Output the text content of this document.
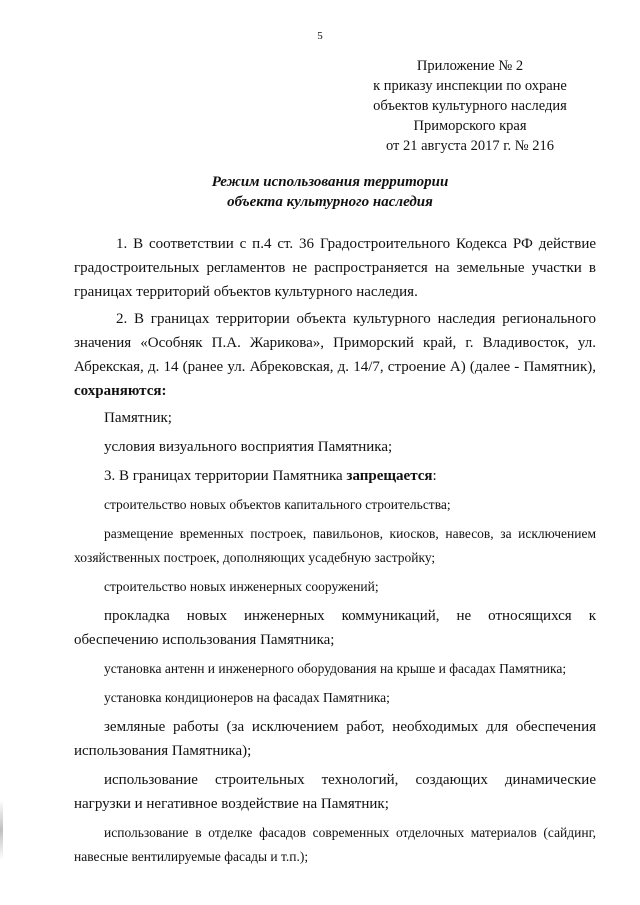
5
Приложение № 2
к приказу инспекции по охране
объектов культурного наследия
Приморского края
от 21 августа 2017 г. № 216
Режим использования территории
объекта культурного наследия

1. В соответствии с п.4 ст. 36 Градостроительного Кодекса РФ действие градостроительных регламентов не распространяется на земельные участки в границах территорий объектов культурного наследия.

2. В границах территории объекта культурного наследия регионального значения «Особняк П.А. Жарикова», Приморский край, г. Владивосток, ул. Абрекская, д. 14 (ранее ул. Абрековская, д. 14/7, строение А) (далее - Памятник), сохраняются:

Памятник;

условия визуального восприятия Памятника;

3. В границах территории Памятника запрещается:

строительство новых объектов капитального строительства;

размещение временных построек, павильонов, киосков, навесов, за исключением хозяйственных построек, дополняющих усадебную застройку;

строительство новых инженерных сооружений;

прокладка новых инженерных коммуникаций, не относящихся к обеспечению использования Памятника;

установка антенн и инженерного оборудования на крыше и фасадах Памятника;

установка кондиционеров на фасадах Памятника;

земляные работы (за исключением работ, необходимых для обеспечения использования Памятника);

использование строительных технологий, создающих динамические нагрузки и негативное воздействие на Памятник;

использование в отделке фасадов современных отделочных материалов (сайдинг, навесные вентилируемые фасады и т.п.);
